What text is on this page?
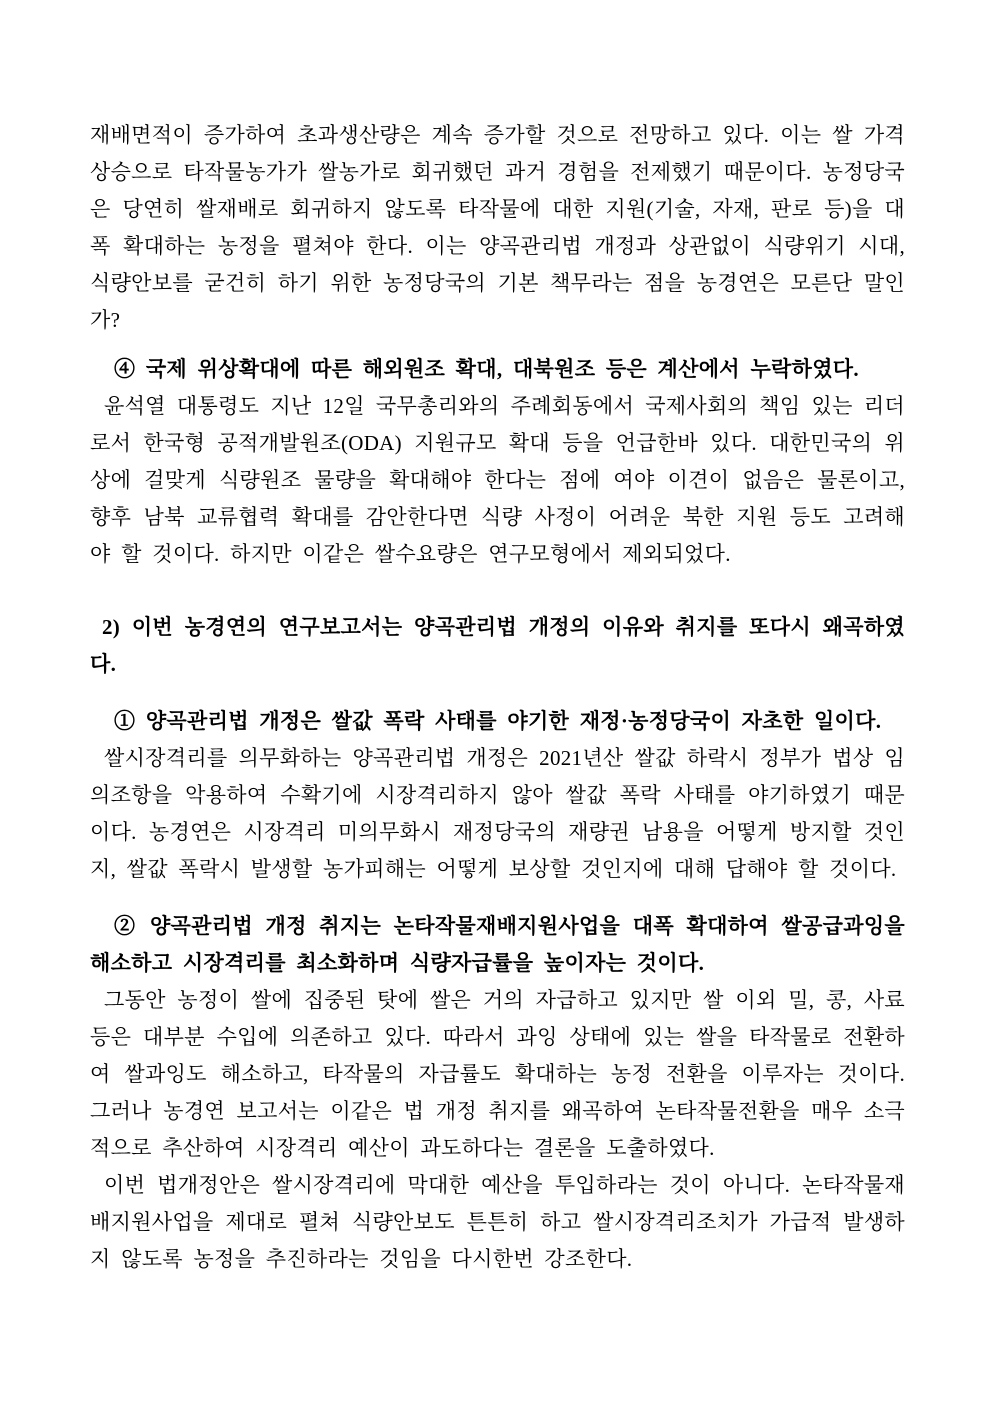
재배면적이 증가하여 초과생산량은 계속 증가할 것으로 전망하고 있다. 이는 쌀 가격상승으로 타작물농가가 쌀농가로 회귀했던 과거 경험을 전제했기 때문이다. 농정당국은 당연히 쌀재배로 회귀하지 않도록 타작물에 대한 지원(기술, 자재, 판로 등)을 대폭 확대하는 농정을 펼쳐야 한다. 이는 양곡관리법 개정과 상관없이 식량위기 시대, 식량안보를 굳건히 하기 위한 농정당국의 기본 책무라는 점을 농경연은 모른단 말인가?

④ 국제 위상확대에 따른 해외원조 확대, 대북원조 등은 계산에서 누락하였다.

윤석열 대통령도 지난 12일 국무총리와의 주례회동에서 국제사회의 책임 있는 리더로서 한국형 공적개발원조(ODA) 지원규모 확대 등을 언급한바 있다. 대한민국의 위상에 걸맞게 식량원조 물량을 확대해야 한다는 점에 여야 이견이 없음은 물론이고, 향후 남북 교류협력 확대를 감안한다면 식량 사정이 어려운 북한 지원 등도 고려해야 할 것이다. 하지만 이같은 쌀수요량은 연구모형에서 제외되었다.

2) 이번 농경연의 연구보고서는 양곡관리법 개정의 이유와 취지를 또다시 왜곡하였다.

① 양곡관리법 개정은 쌀값 폭락 사태를 야기한 재정·농정당국이 자초한 일이다.

쌀시장격리를 의무화하는 양곡관리법 개정은 2021년산 쌀값 하락시 정부가 법상 임의조항을 악용하여 수확기에 시장격리하지 않아 쌀값 폭락 사태를 야기하였기 때문이다. 농경연은 시장격리 미의무화시 재정당국의 재량권 남용을 어떻게 방지할 것인지, 쌀값 폭락시 발생할 농가피해는 어떻게 보상할 것인지에 대해 답해야 할 것이다.

② 양곡관리법 개정 취지는 논타작물재배지원사업을 대폭 확대하여 쌀공급과잉을 해소하고 시장격리를 최소화하며 식량자급률을 높이자는 것이다.

그동안 농정이 쌀에 집중된 탓에 쌀은 거의 자급하고 있지만 쌀 이외 밀, 콩, 사료 등은 대부분 수입에 의존하고 있다. 따라서 과잉 상태에 있는 쌀을 타작물로 전환하여 쌀과잉도 해소하고, 타작물의 자급률도 확대하는 농정 전환을 이루자는 것이다. 그러나 농경연 보고서는 이같은 법 개정 취지를 왜곡하여 논타작물전환을 매우 소극적으로 추산하여 시장격리 예산이 과도하다는 결론을 도출하였다.

이번 법개정안은 쌀시장격리에 막대한 예산을 투입하라는 것이 아니다. 논타작물재배지원사업을 제대로 펼쳐 식량안보도 튼튼히 하고 쌀시장격리조치가 가급적 발생하지 않도록 농정을 추진하라는 것임을 다시한번 강조한다.
